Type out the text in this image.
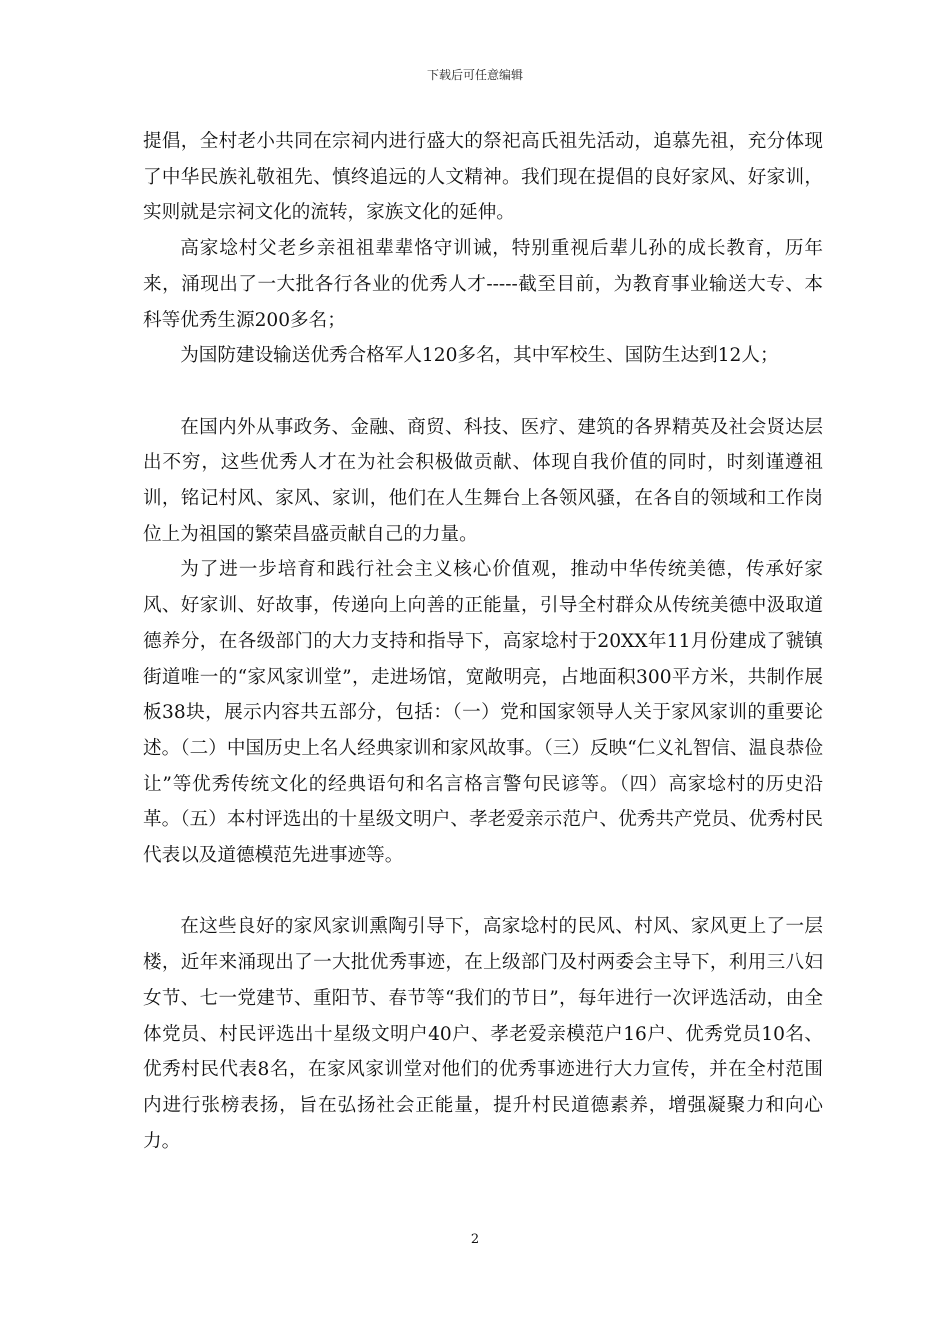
下载后可任意编辑

提倡，全村老小共同在宗祠内进行盛大的祭祀高氏祖先活动，追慕先祖，充分体现了中华民族礼敬祖先、慎终追远的人文精神。我们现在提倡的良好家风、好家训，实则就是宗祠文化的流转，家族文化的延伸。

高家埝村父老乡亲祖祖辈辈恪守训诫，特别重视后辈儿孙的成长教育，历年来，涌现出了一大批各行各业的优秀人才-----截至目前，为教育事业输送大专、本科等优秀生源200多名；

为国防建设输送优秀合格军人120多名，其中军校生、国防生达到12人；

在国内外从事政务、金融、商贸、科技、医疗、建筑的各界精英及社会贤达层出不穷，这些优秀人才在为社会积极做贡献、体现自我价值的同时，时刻谨遵祖训，铭记村风、家风、家训，他们在人生舞台上各领风骚，在各自的领域和工作岗位上为祖国的繁荣昌盛贡献自己的力量。

为了进一步培育和践行社会主义核心价值观，推动中华传统美德，传承好家风、好家训、好故事，传递向上向善的正能量，引导全村群众从传统美德中汲取道德养分，在各级部门的大力支持和指导下，高家埝村于20XX年11月份建成了虢镇街道唯一的“家风家训堂”，走进场馆，宽敞明亮，占地面积300平方米，共制作展板38块，展示内容共五部分，包括：（一）党和国家领导人关于家风家训的重要论述。（二）中国历史上名人经典家训和家风故事。（三）反映“仁义礼智信、温良恭俭让”等优秀传统文化的经典语句和名言格言警句民谚等。（四）高家埝村的历史沿革。（五）本村评选出的十星级文明户、孝老爱亲示范户、优秀共产党员、优秀村民代表以及道德模范先进事迹等。

在这些良好的家风家训熏陶引导下，高家埝村的民风、村风、家风更上了一层楼，近年来涌现出了一大批优秀事迹，在上级部门及村两委会主导下，利用三八妇女节、七一党建节、重阳节、春节等“我们的节日”，每年进行一次评选活动，由全体党员、村民评选出十星级文明户40户、孝老爱亲模范户16户、优秀党员10名、优秀村民代表8名，在家风家训堂对他们的优秀事迹进行大力宣传，并在全村范围内进行张榜表扬，旨在弘扬社会正能量，提升村民道德素养，增强凝聚力和向心力。

2
